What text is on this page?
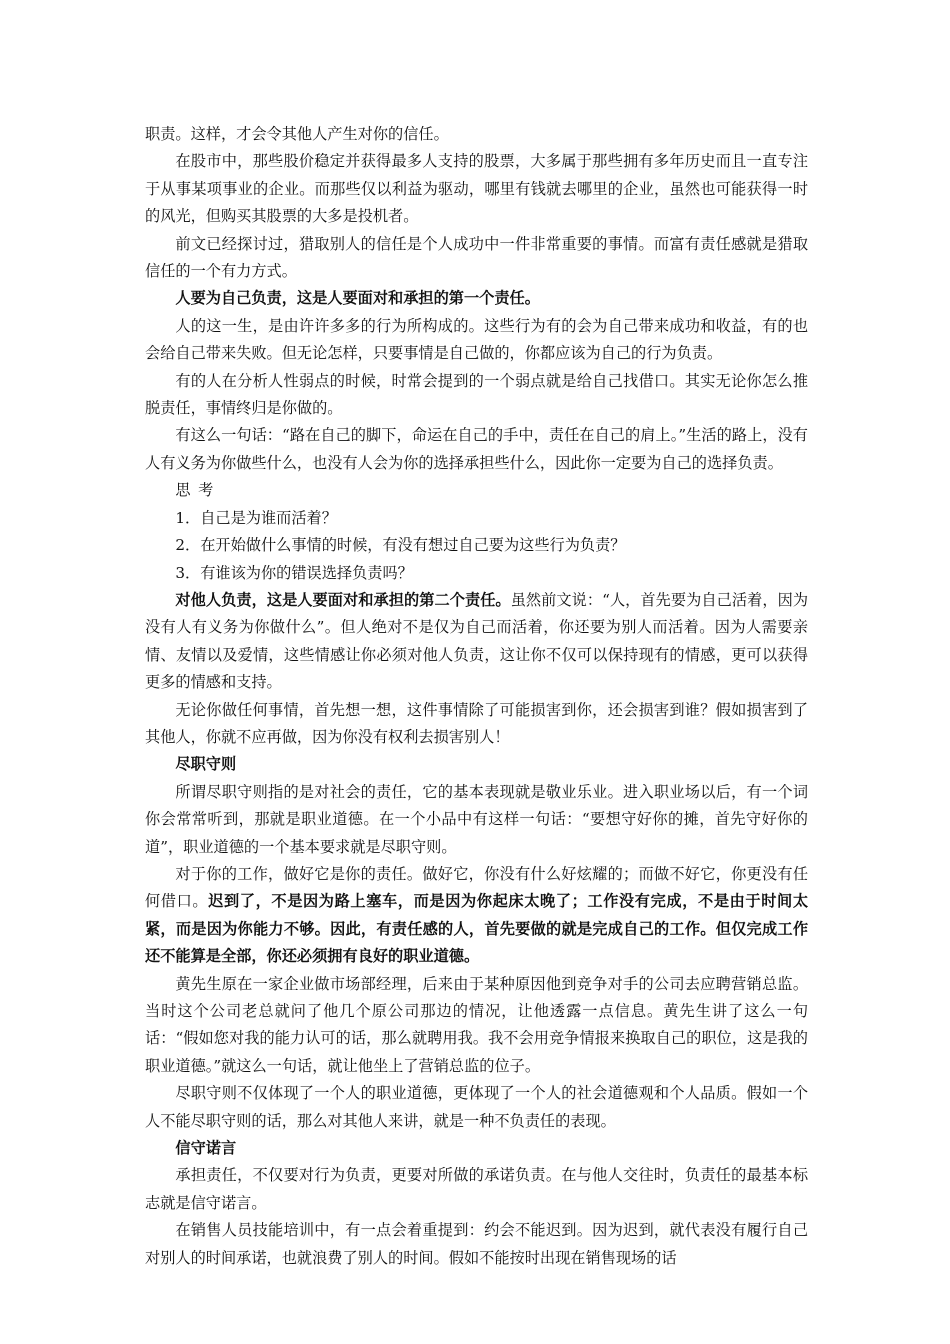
职责。这样，才会令其他人产生对你的信任。

在股市中，那些股价稳定并获得最多人支持的股票，大多属于那些拥有多年历史而且一直专注于从事某项事业的企业。而那些仅以利益为驱动，哪里有钱就去哪里的企业，虽然也可能获得一时的风光，但购买其股票的大多是投机者。

前文已经探讨过，猎取别人的信任是个人成功中一件非常重要的事情。而富有责任感就是猎取信任的一个有力方式。

人要为自己负责，这是人要面对和承担的第一个责任。

人的这一生，是由许许多多的行为所构成的。这些行为有的会为自己带来成功和收益，有的也会给自己带来失败。但无论怎样，只要事情是自己做的，你都应该为自己的行为负责。

有的人在分析人性弱点的时候，时常会提到的一个弱点就是给自己找借口。其实无论你怎么推脱责任，事情终归是你做的。

有这么一句话：“路在自己的脚下，命运在自己的手中，责任在自己的肩上。”生活的路上，没有人有义务为你做些什么，也没有人会为你的选择承担些什么，因此你一定要为自己的选择负责。

思考

1．自己是为谁而活着？

2．在开始做什么事情的时候，有没有想过自己要为这些行为负责？

3．有谁该为你的错误选择负责吗？

对他人负责，这是人要面对和承担的第二个责任。虽然前文说：“人，首先要为自己活着，因为没有人有义务为你做什么”。但人绝对不是仅为自己而活着，你还要为别人而活着。因为人需要亲情、友情以及爱情，这些情感让你必须对他人负责，这让你不仅可以保持现有的情感，更可以获得更多的情感和支持。

无论你做任何事情，首先想一想，这件事情除了可能损害到你，还会损害到谁？假如损害到了其他人，你就不应再做，因为你没有权利去损害别人！

尽职守则

所谓尽职守则指的是对社会的责任，它的基本表现就是敬业乐业。进入职业场以后，有一个词你会常常听到，那就是职业道德。在一个小品中有这样一句话：“要想守好你的摊，首先守好你的道”，职业道德的一个基本要求就是尽职守则。

对于你的工作，做好它是你的责任。做好它，你没有什么好炫耀的；而做不好它，你更没有任何借口。迟到了，不是因为路上塞车，而是因为你起床太晚了；工作没有完成，不是由于时间太紧，而是因为你能力不够。因此，有责任感的人，首先要做的就是完成自己的工作。但仅完成工作还不能算是全部，你还必须拥有良好的职业道德。

黄先生原在一家企业做市场部经理，后来由于某种原因他到竞争对手的公司去应聘营销总监。当时这个公司老总就问了他几个原公司那边的情况，让他透露一点信息。黄先生讲了这么一句话：“假如您对我的能力认可的话，那么就聘用我。我不会用竞争情报来换取自己的职位，这是我的职业道德。”就这么一句话，就让他坐上了营销总监的位子。

尽职守则不仅体现了一个人的职业道德，更体现了一个人的社会道德观和个人品质。假如一个人不能尽职守则的话，那么对其他人来讲，就是一种不负责任的表现。

信守诺言

承担责任，不仅要对行为负责，更要对所做的承诺负责。在与他人交往时，负责任的最基本标志就是信守诺言。

在销售人员技能培训中，有一点会着重提到：约会不能迟到。因为迟到，就代表没有履行自己对别人的时间承诺，也就浪费了别人的时间。假如不能按时出现在销售现场的话
